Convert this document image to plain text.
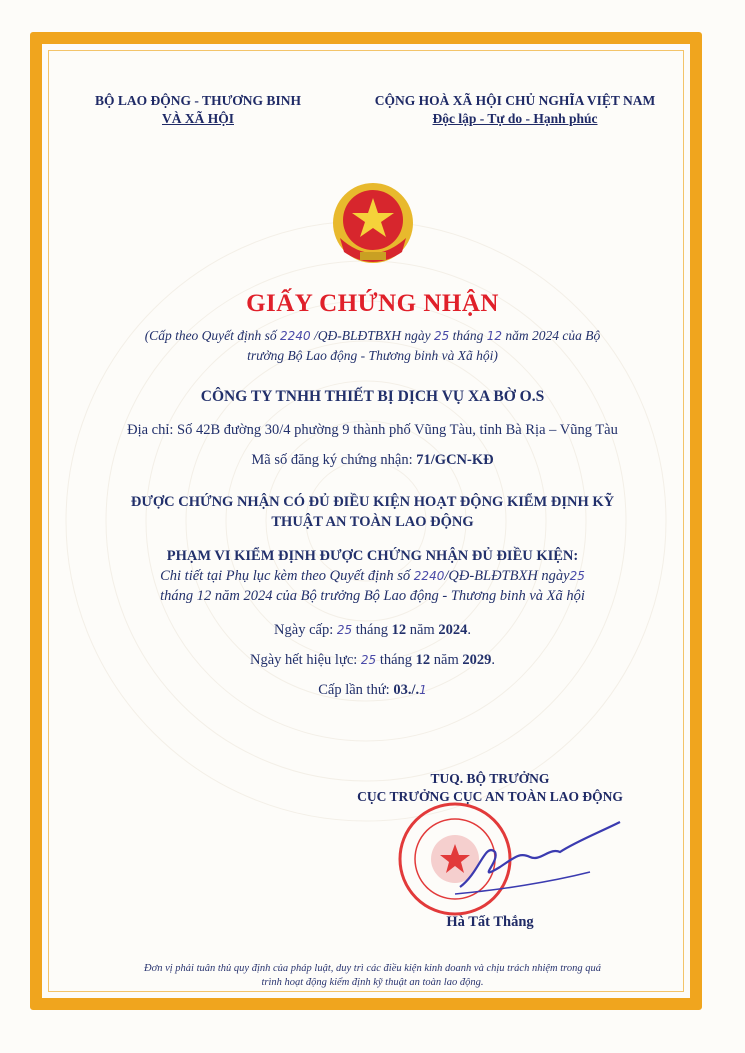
BỘ LAO ĐỘNG - THƯƠNG BINH
VÀ XÃ HỘI
CỘNG HOÀ XÃ HỘI CHỦ NGHĨA VIỆT NAM
Độc lập - Tự do - Hạnh phúc
GIẤY CHỨNG NHẬN
(Cấp theo Quyết định số 2240 /QĐ-BLĐTBXH ngày 25 tháng 12 năm 2024 của Bộ
trưởng Bộ Lao động - Thương binh và Xã hội)
CÔNG TY TNHH THIẾT BỊ DỊCH VỤ XA BỜ O.S
Địa chỉ: Số 42B đường 30/4 phường 9 thành phố Vũng Tàu, tỉnh Bà Rịa – Vũng Tàu
Mã số đăng ký chứng nhận: 71/GCN-KĐ
ĐƯỢC CHỨNG NHẬN CÓ ĐỦ ĐIỀU KIỆN HOẠT ĐỘNG KIỂM ĐỊNH KỸ
THUẬT AN TOÀN LAO ĐỘNG
PHẠM VI KIỂM ĐỊNH ĐƯỢC CHỨNG NHẬN ĐỦ ĐIỀU KIỆN:
Chi tiết tại Phụ lục kèm theo Quyết định số 2240/QĐ-BLĐTBXH ngày25
tháng 12 năm 2024 của Bộ trưởng Bộ Lao động - Thương binh và Xã hội
Ngày cấp: 25 tháng 12 năm 2024.
Ngày hết hiệu lực: 25 tháng 12 năm 2029.
Cấp lần thứ: 03./.1
TUQ. BỘ TRƯỞNG
CỤC TRƯỞNG CỤC AN TOÀN LAO ĐỘNG
Hà Tất Thắng
Đơn vị phải tuân thủ quy định của pháp luật, duy trì các điều kiện kinh doanh và chịu trách nhiệm trong quá
trình hoạt động kiểm định kỹ thuật an toàn lao động.
